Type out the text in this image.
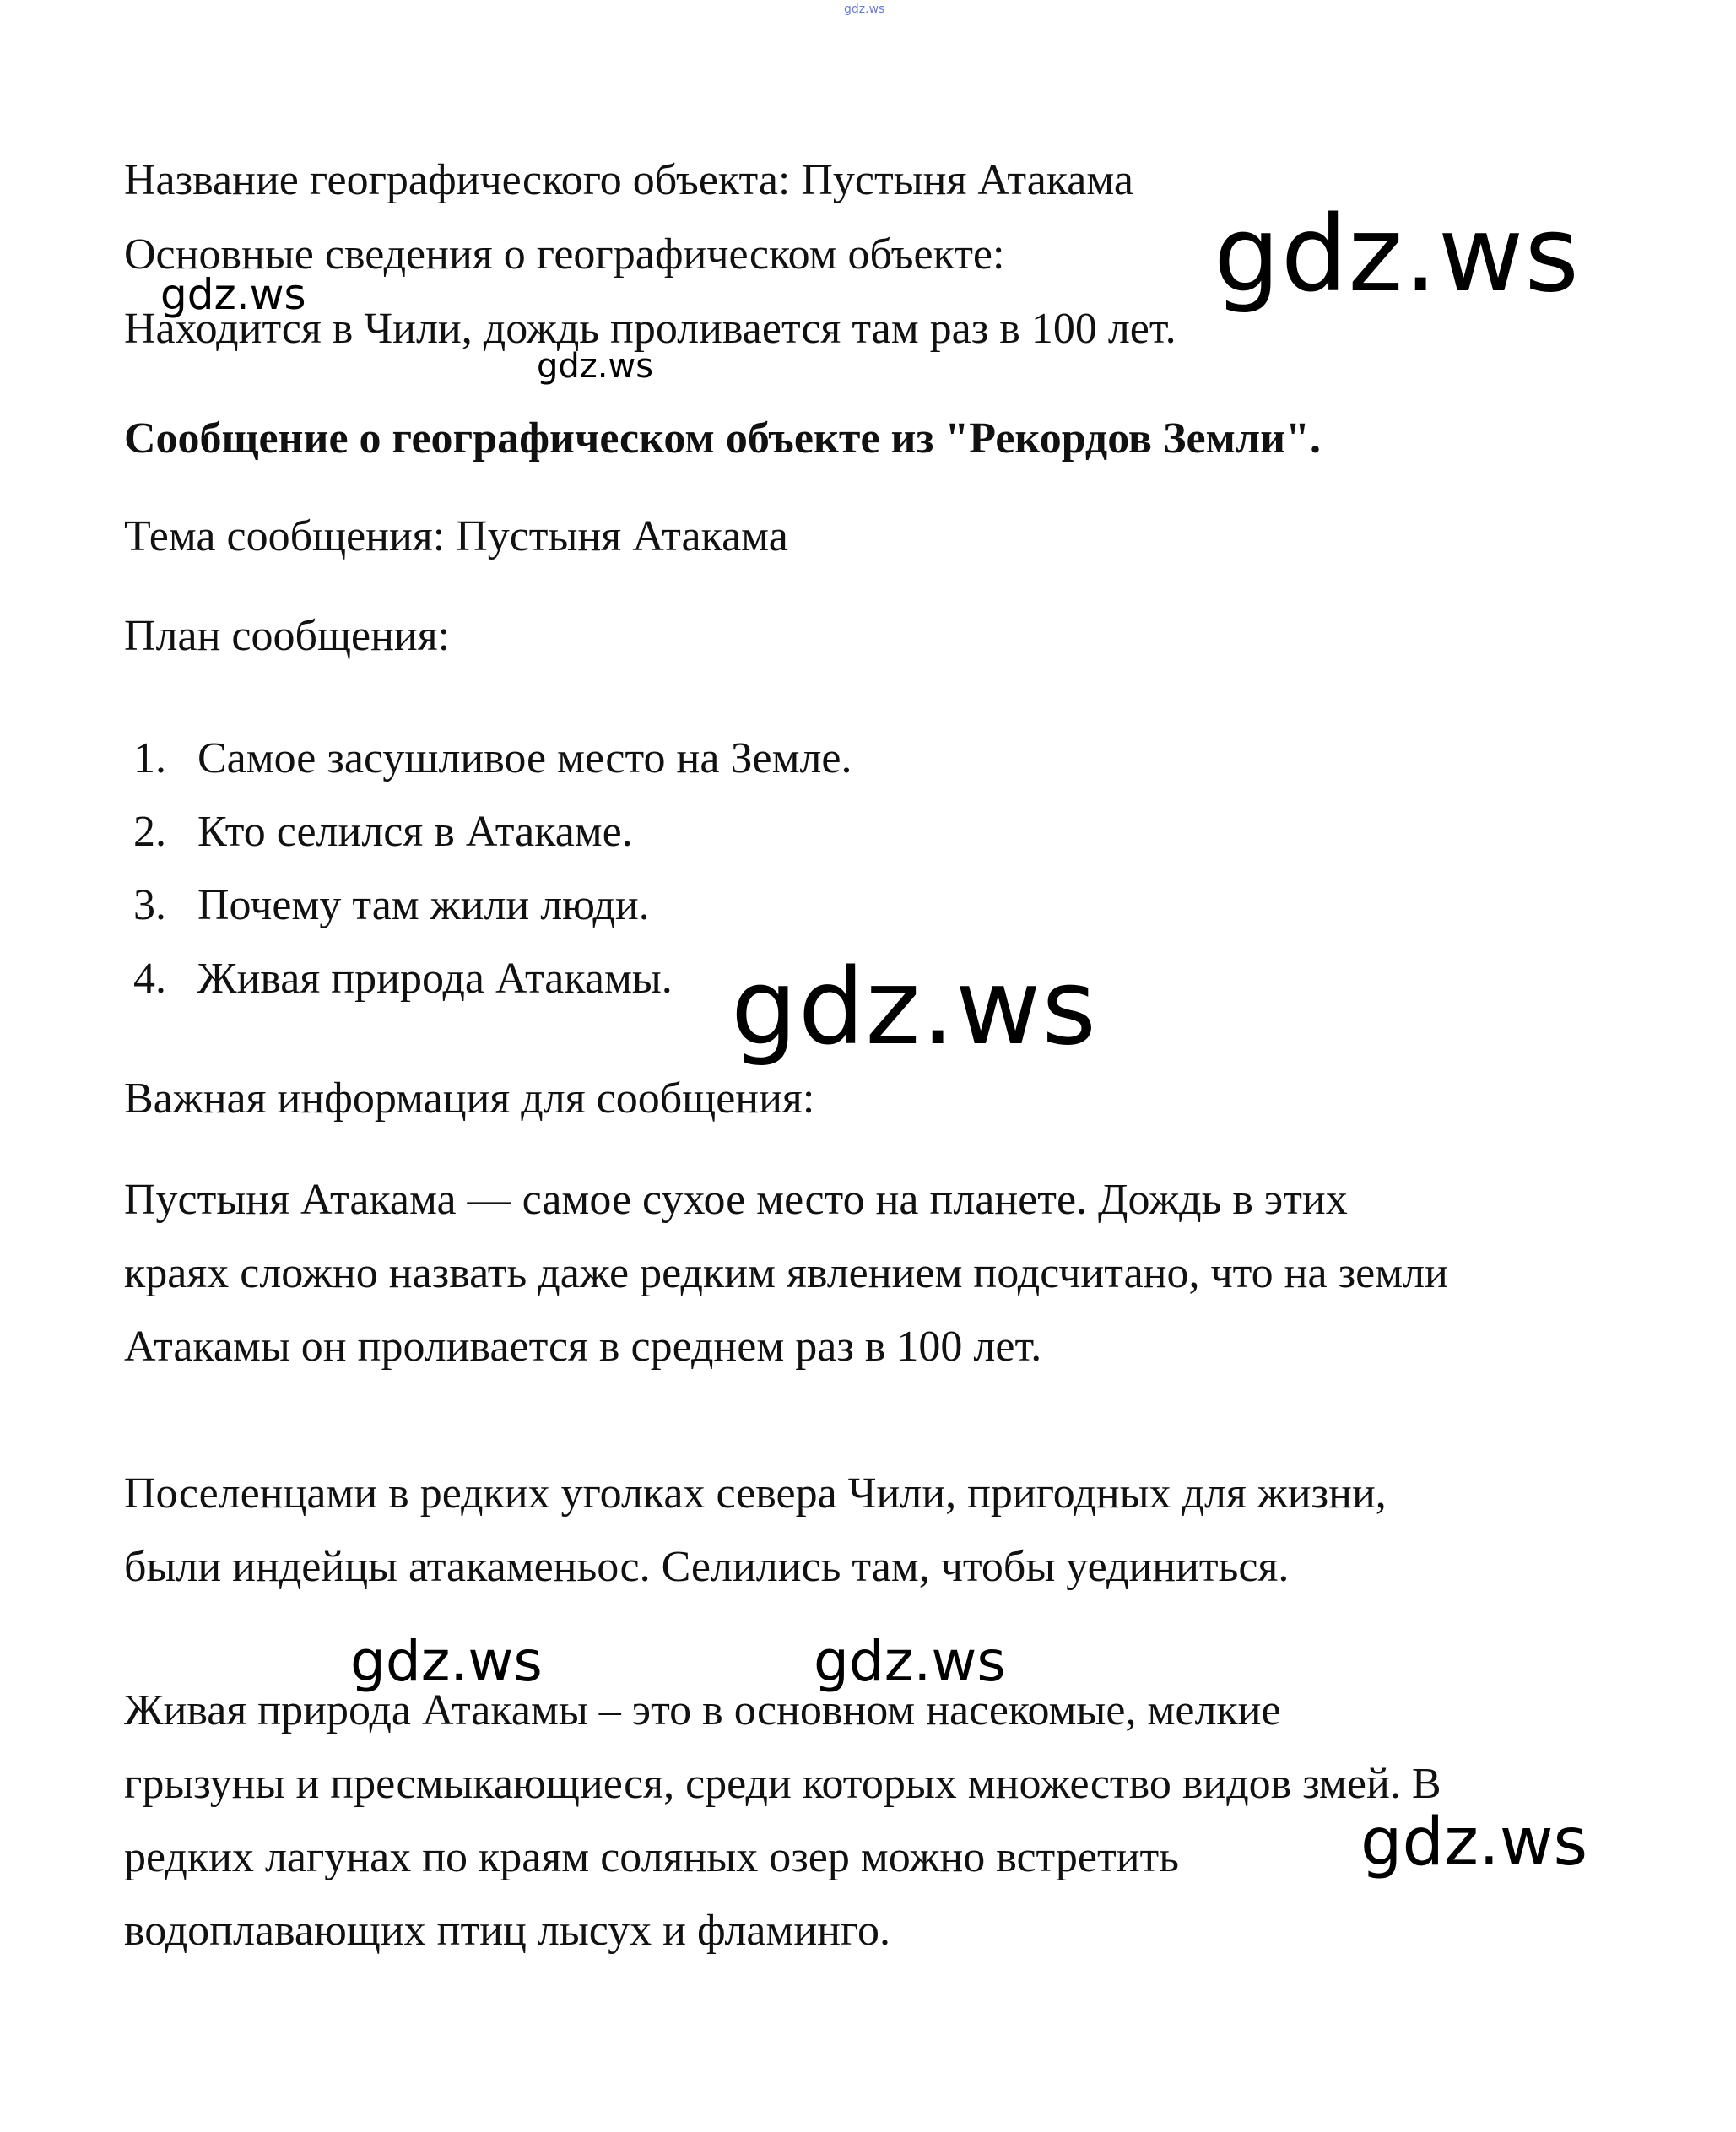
gdz.ws

Название географического объекта: Пустыня Атакама

Основные сведения о географическом объекте:

Находится в Чили, дождь проливается там раз в 100 лет.

gdz.ws
gdz.ws
gdz.ws

Сообщение о географическом объекте из "Рекордов Земли".

Тема сообщения: Пустыня Атакама

План сообщения:

1. Самое засушливое место на Земле.
2. Кто селился в Атакаме.
3. Почему там жили люди.
4. Живая природа Атакамы. gdz.ws

Важная информация для сообщения:

Пустыня Атакама — самое сухое место на планете. Дождь в этих

краях сложно назвать даже редким явлением подсчитано, что на земли

Атакамы он проливается в среднем раз в 100 лет.

Поселенцами в редких уголках севера Чили, пригодных для жизни,

были индейцы атакаменьос. Селились там, чтобы уединиться.

gdz.ws	gdz.ws

Живая природа Атакамы – это в основном насекомые, мелкие

грызуны и пресмыкающиеся, среди которых множество видов змей. В

редких лагунах по краям соляных озер можно встретить

водоплавающих птиц лысух и фламинго.

gdz.ws
